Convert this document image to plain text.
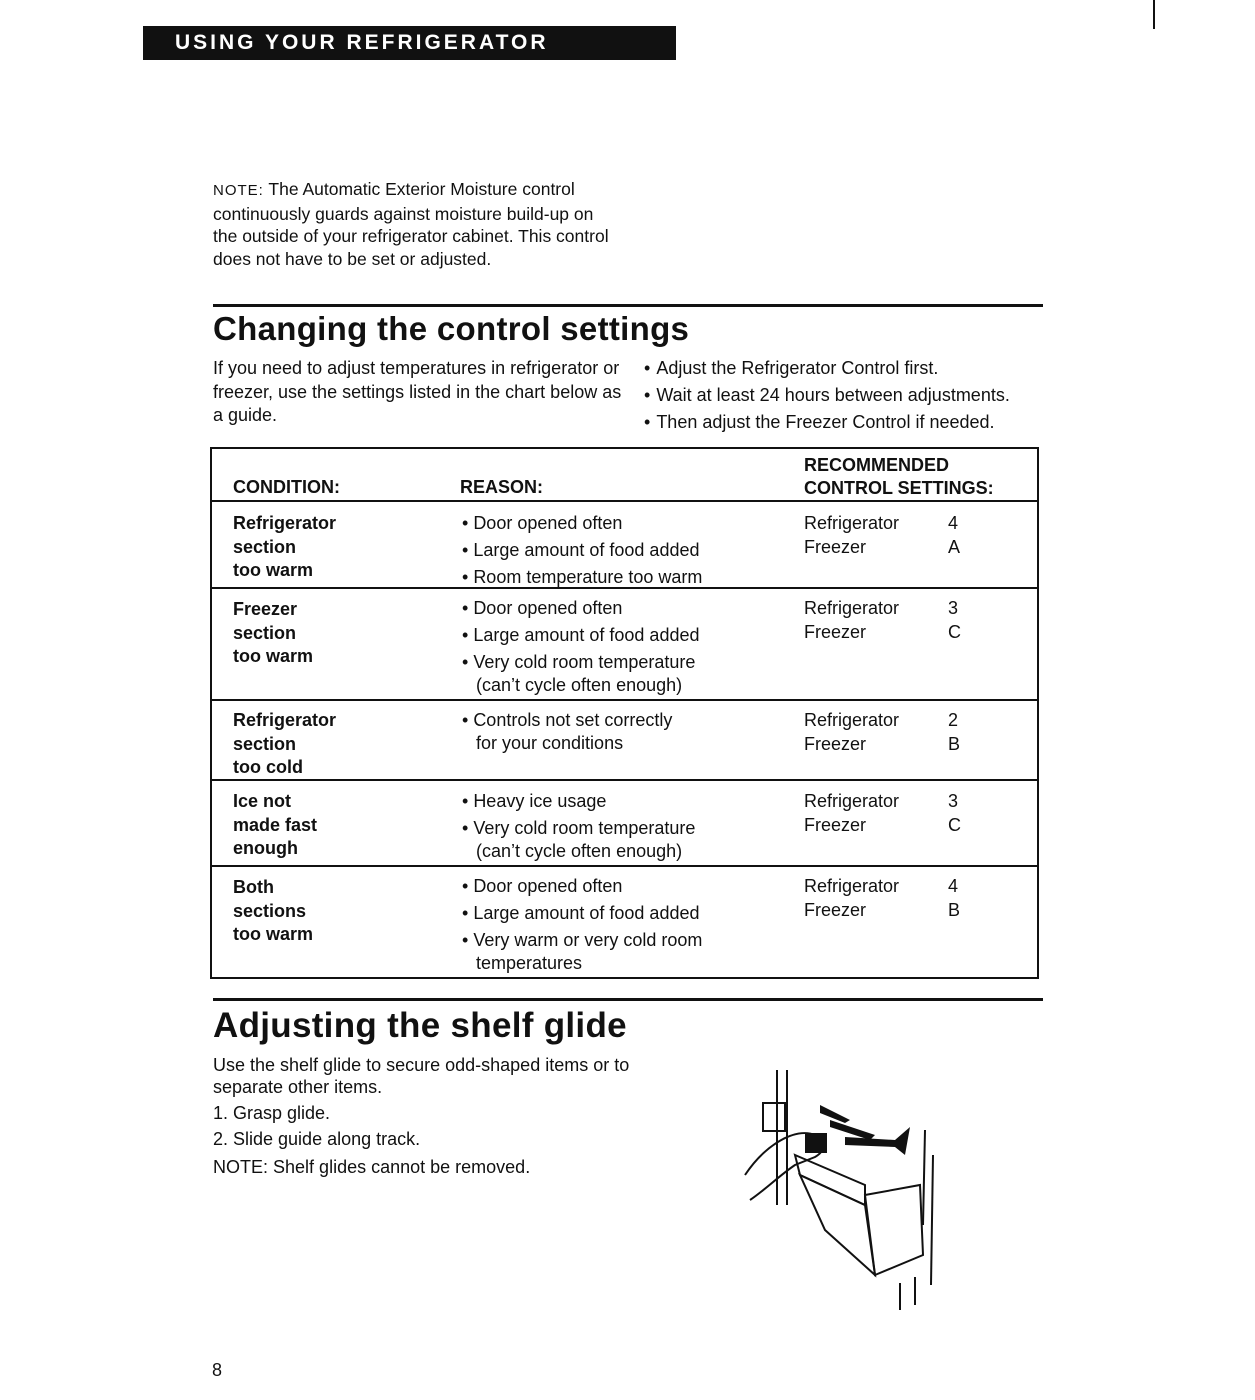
USING YOUR REFRIGERATOR
NOTE: The Automatic Exterior Moisture control continuously guards against moisture build-up on the outside of your refrigerator cabinet. This control does not have to be set or adjusted.
Changing the control settings
If you need to adjust temperatures in refrigerator or freezer, use the settings listed in the chart below as a guide.
• Adjust the Refrigerator Control first.
• Wait at least 24 hours between adjustments.
• Then adjust the Freezer Control if needed.
CONDITION:	REASON:
RECOMMENDED
CONTROL SETTINGS:
Refrigerator
section
too warm
• Door opened often
• Large amount of food added
• Room temperature too warm
Refrigerator
Freezer
4
A
Freezer
section
too warm
• Door opened often
• Large amount of food added
• Very cold room temperature
(can’t cycle often enough)
Refrigerator
Freezer
3
C
Refrigerator
section
too cold
• Controls not set correctly
for your conditions
Refrigerator
Freezer
2
B
Ice not
made fast
enough
• Heavy ice usage
• Very cold room temperature
(can’t cycle often enough)
Refrigerator
Freezer
3
C
Both
sections
too warm
• Door opened often
• Large amount of food added
• Very warm or very cold room
temperatures
Refrigerator
Freezer
4
B
Adjusting the shelf glide

Use the shelf glide to secure odd-shaped items or to separate other items.

1. Grasp glide.
2. Slide guide along track.

NOTE: Shelf glides cannot be removed.

8
